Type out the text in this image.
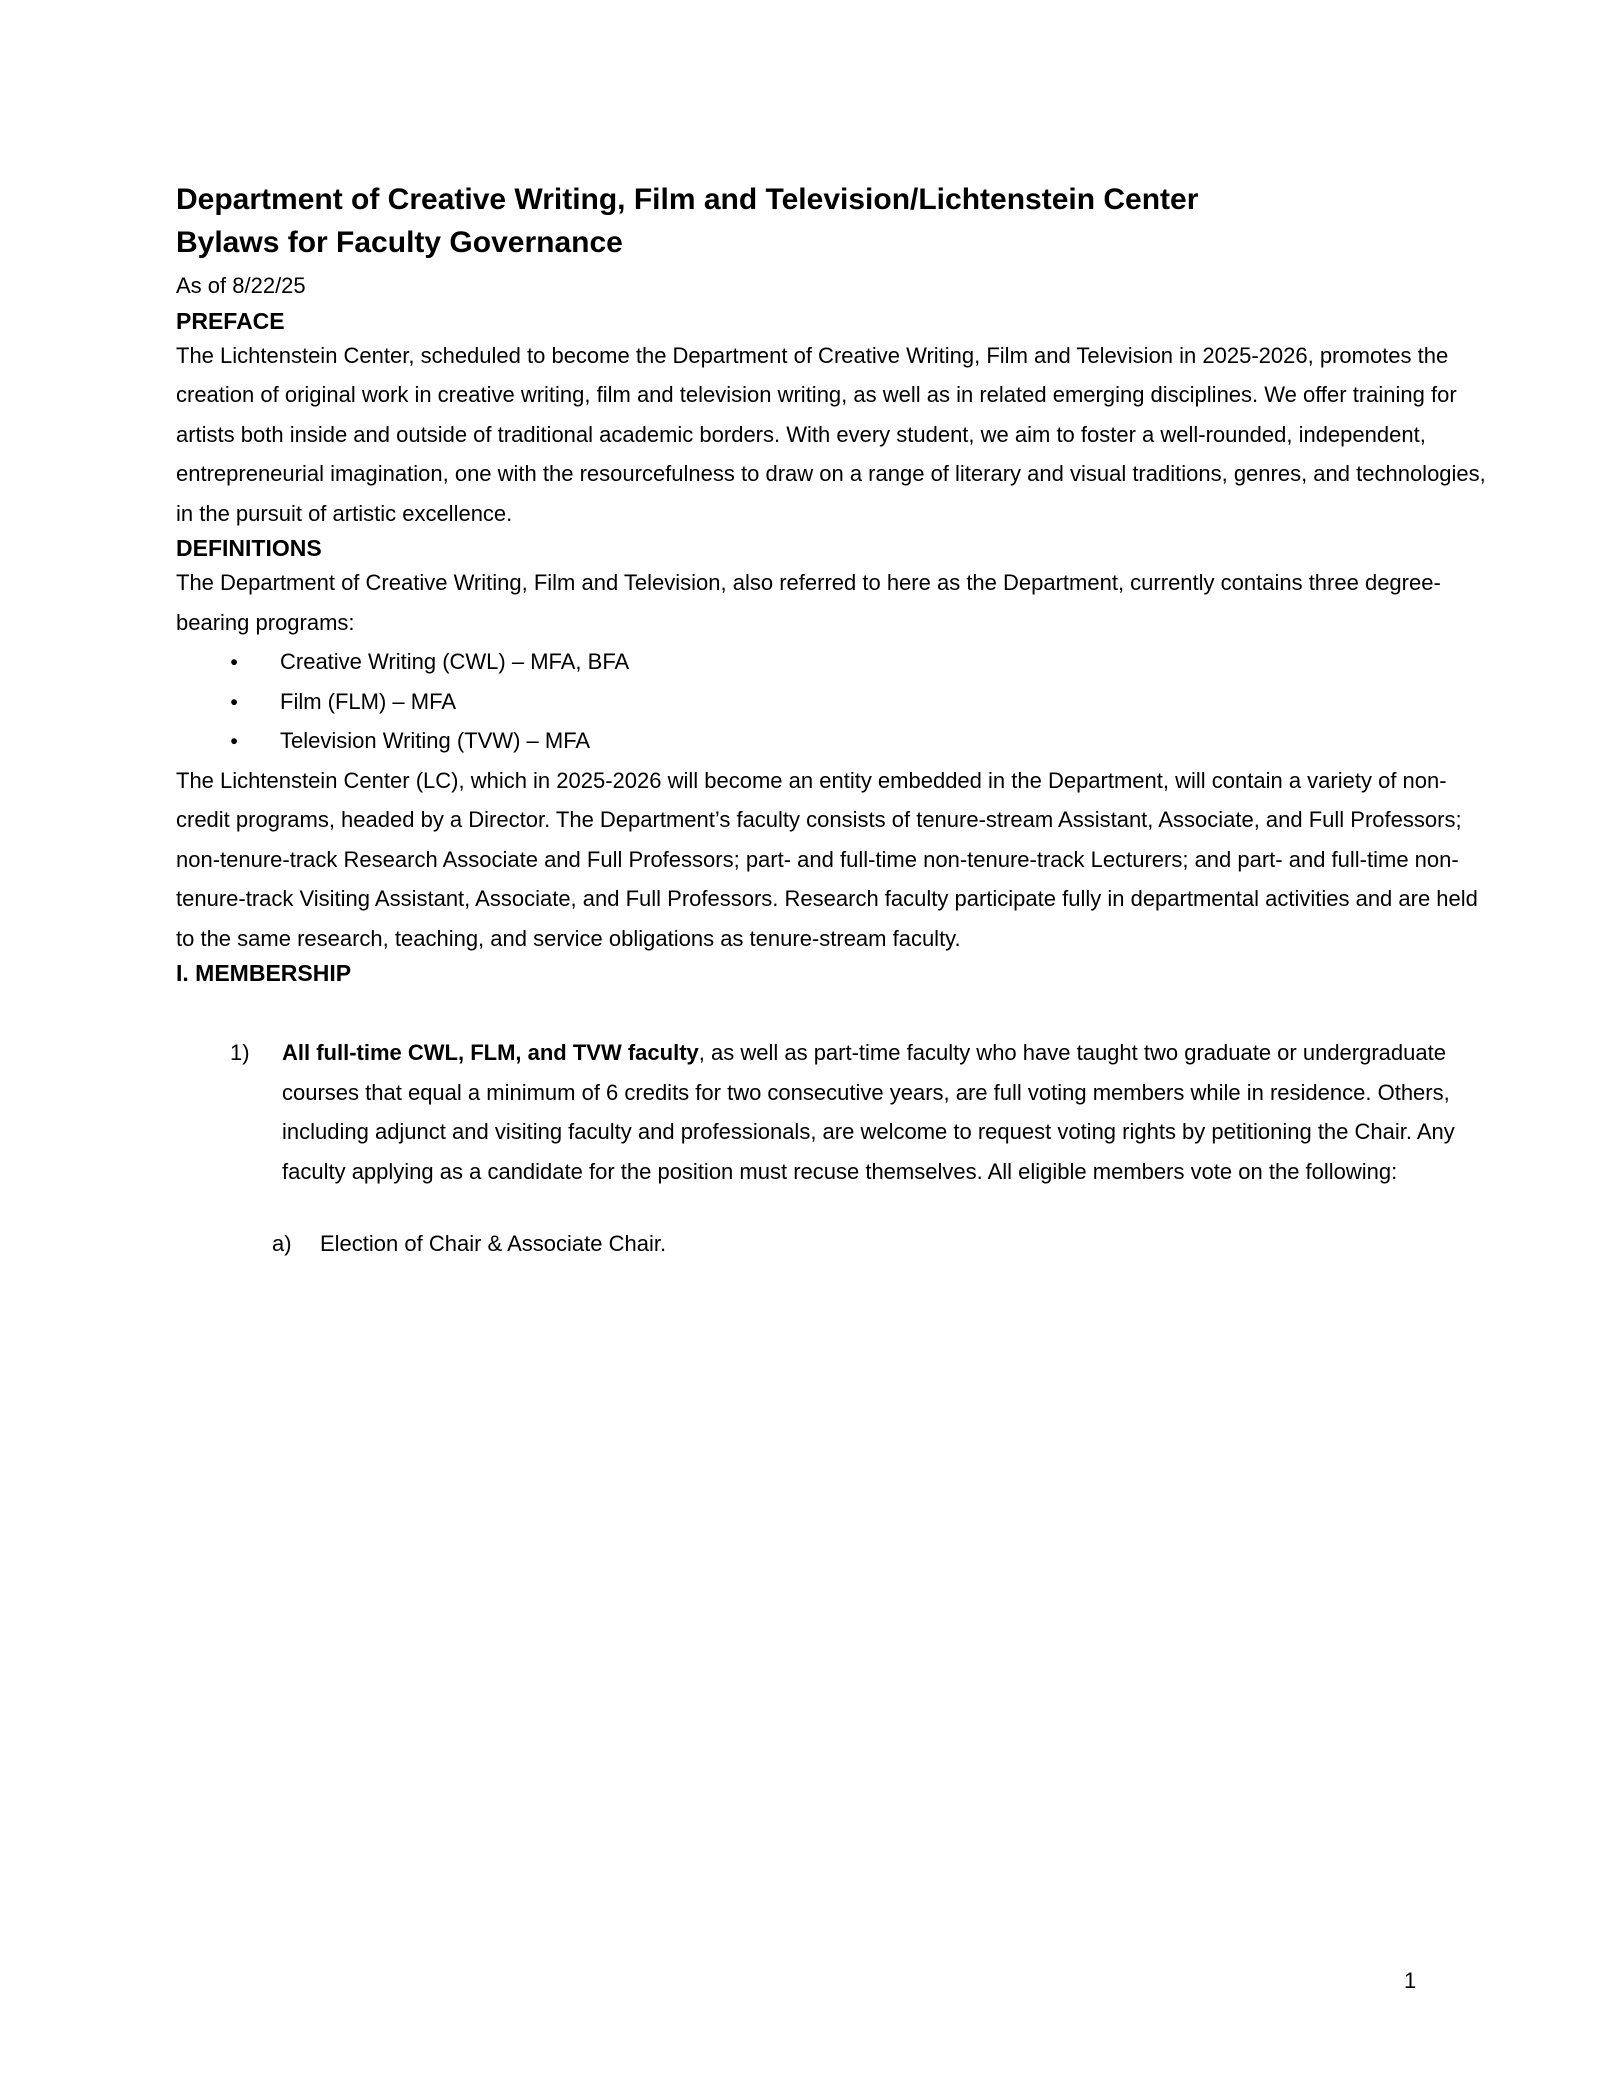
Department of Creative Writing, Film and Television/Lichtenstein Center
Bylaws for Faculty Governance
As of 8/22/25
PREFACE

The Lichtenstein Center, scheduled to become the Department of Creative Writing, Film and Television in 2025-2026, promotes the creation of original work in creative writing, film and television writing, as well as in related emerging disciplines. We offer training for artists both inside and outside of traditional academic borders. With every student, we aim to foster a well-rounded, independent, entrepreneurial imagination, one with the resourcefulness to draw on a range of literary and visual traditions, genres, and technologies, in the pursuit of artistic excellence.

DEFINITIONS

The Department of Creative Writing, Film and Television, also referred to here as the Department, currently contains three degree-bearing programs:

● Creative Writing (CWL) – MFA, BFA
● Film (FLM) – MFA
● Television Writing (TVW) – MFA

The Lichtenstein Center (LC), which in 2025-2026 will become an entity embedded in the Department, will contain a variety of non-credit programs, headed by a Director. The Department’s faculty consists of tenure-stream Assistant, Associate, and Full Professors; non-tenure-track Research Associate and Full Professors; part- and full-time non-tenure-track Lecturers; and part- and full-time non-tenure-track Visiting Assistant, Associate, and Full Professors. Research faculty participate fully in departmental activities and are held to the same research, teaching, and service obligations as tenure-stream faculty.

I. MEMBERSHIP
1) All full-time CWL, FLM, and TVW faculty, as well as part-time faculty who have taught two graduate or undergraduate courses that equal a minimum of 6 credits for two consecutive years, are full voting members while in residence. Others, including adjunct and visiting faculty and professionals, are welcome to request voting rights by petitioning the Chair. Any faculty applying as a candidate for the position must recuse themselves. All eligible members vote on the following:
a) Election of Chair & Associate Chair.
1
